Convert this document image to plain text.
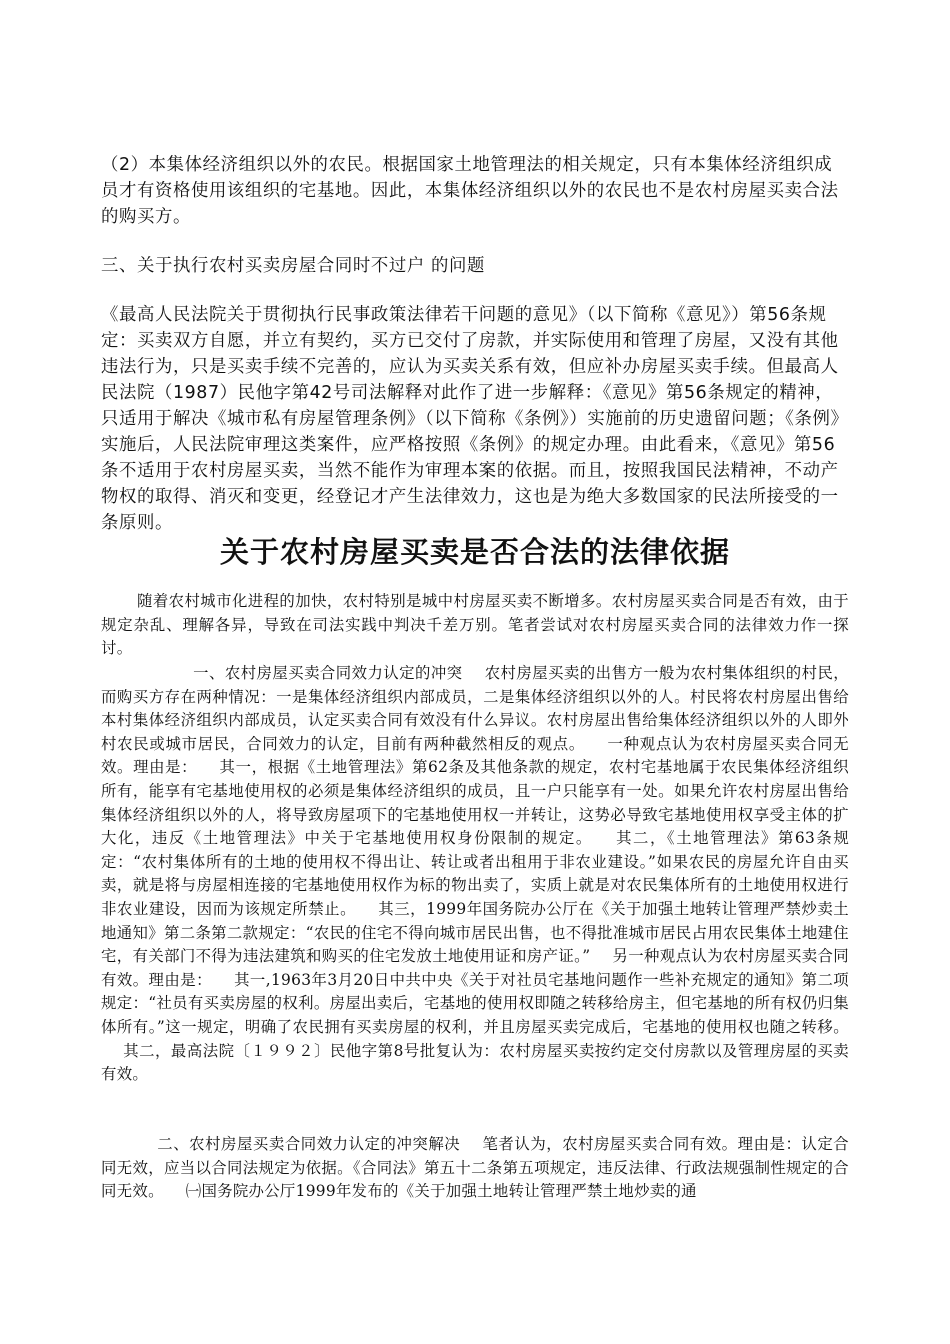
（2）本集体经济组织以外的农民。根据国家土地管理法的相关规定，只有本集体经济组织成员才有资格使用该组织的宅基地。因此，本集体经济组织以外的农民也不是农村房屋买卖合法的购买方。

三、关于执行农村买卖房屋合同时不过户 的问题

《最高人民法院关于贯彻执行民事政策法律若干问题的意见》（以下简称《意见》）第56条规定：买卖双方自愿，并立有契约，买方已交付了房款，并实际使用和管理了房屋，又没有其他违法行为，只是买卖手续不完善的，应认为买卖关系有效，但应补办房屋买卖手续。但最高人民法院（1987）民他字第42号司法解释对此作了进一步解释：《意见》第56条规定的精神，只适用于解决《城市私有房屋管理条例》（以下简称《条例》）实施前的历史遗留问题；《条例》实施后，人民法院审理这类案件，应严格按照《条例》的规定办理。由此看来，《意见》第56条不适用于农村房屋买卖，当然不能作为审理本案的依据。而且，按照我国民法精神，不动产物权的取得、消灭和变更，经登记才产生法律效力，这也是为绝大多数国家的民法所接受的一条原则。

关于农村房屋买卖是否合法的法律依据

随着农村城市化进程的加快，农村特别是城中村房屋买卖不断增多。农村房屋买卖合同是否有效，由于规定杂乱、理解各异，导致在司法实践中判决千差万别。笔者尝试对农村房屋买卖合同的法律效力作一探讨。

一、农村房屋买卖合同效力认定的冲突 农村房屋买卖的出售方一般为农村集体组织的村民，而购买方存在两种情况：一是集体经济组织内部成员，二是集体经济组织以外的人。村民将农村房屋出售给本村集体经济组织内部成员，认定买卖合同有效没有什么异议。农村房屋出售给集体经济组织以外的人即外村农民或城市居民，合同效力的认定，目前有两种截然相反的观点。 一种观点认为农村房屋买卖合同无效。理由是： 其一，根据《土地管理法》第62条及其他条款的规定，农村宅基地属于农民集体经济组织所有，能享有宅基地使用权的必须是集体经济组织的成员，且一户只能享有一处。如果允许农村房屋出售给集体经济组织以外的人，将导致房屋项下的宅基地使用权一并转让，这势必导致宅基地使用权享受主体的扩大化，违反《土地管理法》中关于宅基地使用权身份限制的规定。 其二，《土地管理法》第63条规定：“农村集体所有的土地的使用权不得出让、转让或者出租用于非农业建设。”如果农民的房屋允许自由买卖，就是将与房屋相连接的宅基地使用权作为标的物出卖了，实质上就是对农民集体所有的土地使用权进行非农业建设，因而为该规定所禁止。 其三，1999年国务院办公厅在《关于加强土地转让管理严禁炒卖土地通知》第二条第二款规定：“农民的住宅不得向城市居民出售，也不得批准城市居民占用农民集体土地建住宅，有关部门不得为违法建筑和购买的住宅发放土地使用证和房产证。” 另一种观点认为农村房屋买卖合同有效。理由是： 其一,1963年3月20日中共中央《关于对社员宅基地问题作一些补充规定的通知》第二项规定：“社员有买卖房屋的权利。房屋出卖后，宅基地的使用权即随之转移给房主，但宅基地的所有权仍归集体所有。”这一规定，明确了农民拥有买卖房屋的权利，并且房屋买卖完成后，宅基地的使用权也随之转移。其二，最高法院〔１９９２〕民他字第8号批复认为：农村房屋买卖按约定交付房款以及管理房屋的买卖有效。

二、农村房屋买卖合同效力认定的冲突解决 笔者认为，农村房屋买卖合同有效。理由是：认定合同无效，应当以合同法规定为依据。《合同法》第五十二条第五项规定，违反法律、行政法规强制性规定的合同无效。 ㈠国务院办公厅1999年发布的《关于加强土地转让管理严禁土地炒卖的通
